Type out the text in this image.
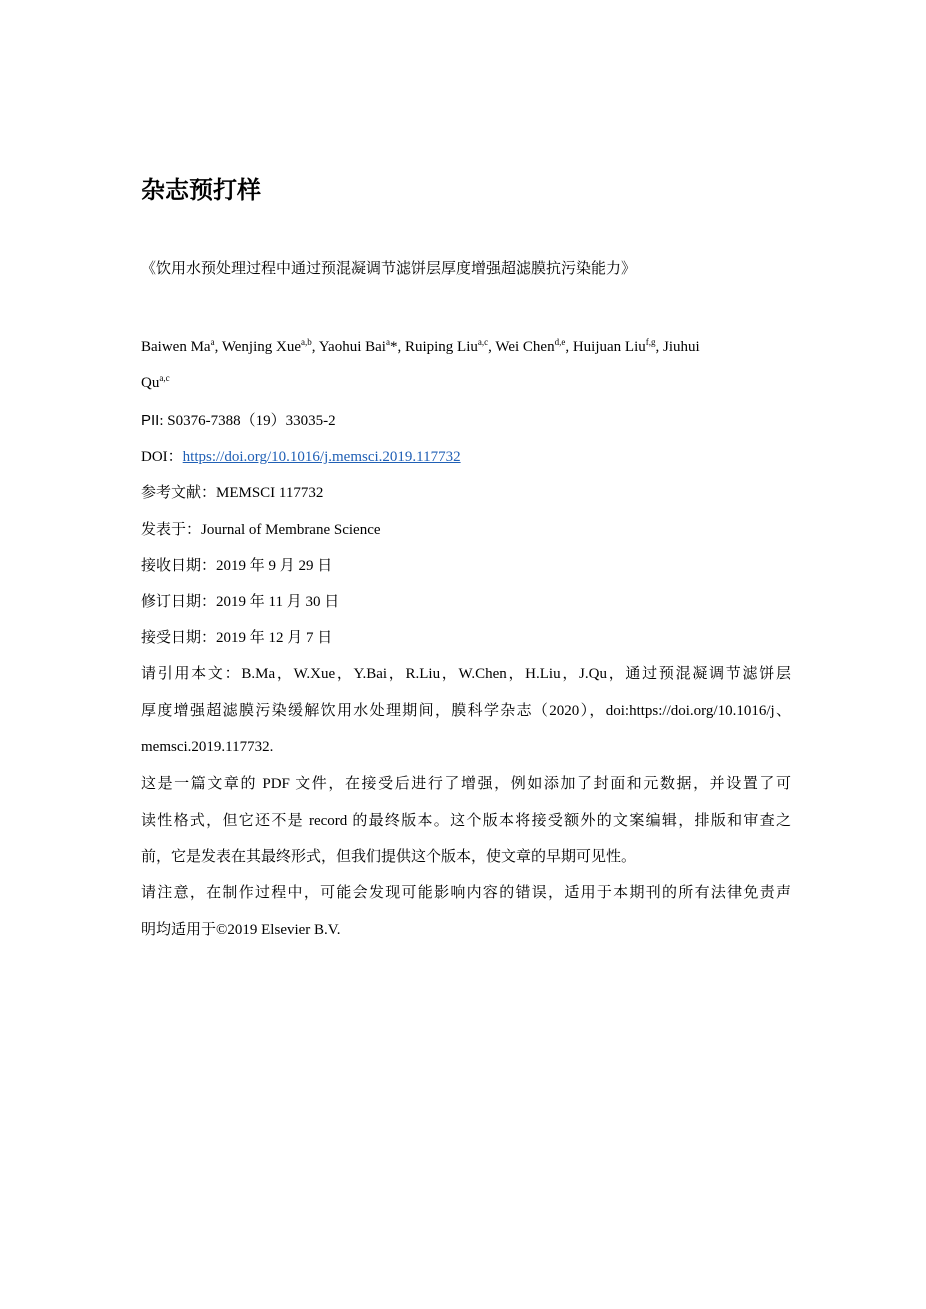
杂志预打样

《饮用水预处理过程中通过预混凝调节滤饼层厚度增强超滤膜抗污染能力》

Baiwen Ma$^a$, Wenjing Xue$^{a,b}$, Yaohui Bai$^a$*, Ruiping Liu$^{a,c}$, Wei Chen$^{d,e}$, Huijuan Liu$^{f,g}$, Jiuhui

Qu$^{a,c}$

PII: S0376-7388（19）33035-2

DOI：https://doi.org/10.1016/j.memsci.2019.117732

参考文献：MEMSCI 117732

发表于：Journal of Membrane Science

接收日期：2019 年 9 月 29 日

修订日期：2019 年 11 月 30 日

接受日期：2019 年 12 月 7 日

请引用本文：B.Ma，W.Xue，Y.Bai，R.Liu，W.Chen，H.Liu，J.Qu，通过预混凝调节滤饼层
厚度增强超滤膜污染缓解饮用水处理期间，膜科学杂志（2020），doi:https://doi.org/10.1016/j、
memsci.2019.117732.
这是一篇文章的 PDF 文件，在接受后进行了增强，例如添加了封面和元数据，并设置了可
读性格式，但它还不是 record 的最终版本。这个版本将接受额外的文案编辑，排版和审查之
前，它是发表在其最终形式，但我们提供这个版本，使文章的早期可见性。
请注意，在制作过程中，可能会发现可能影响内容的错误，适用于本期刊的所有法律免责声
明均适用于©2019 Elsevier B.V.
